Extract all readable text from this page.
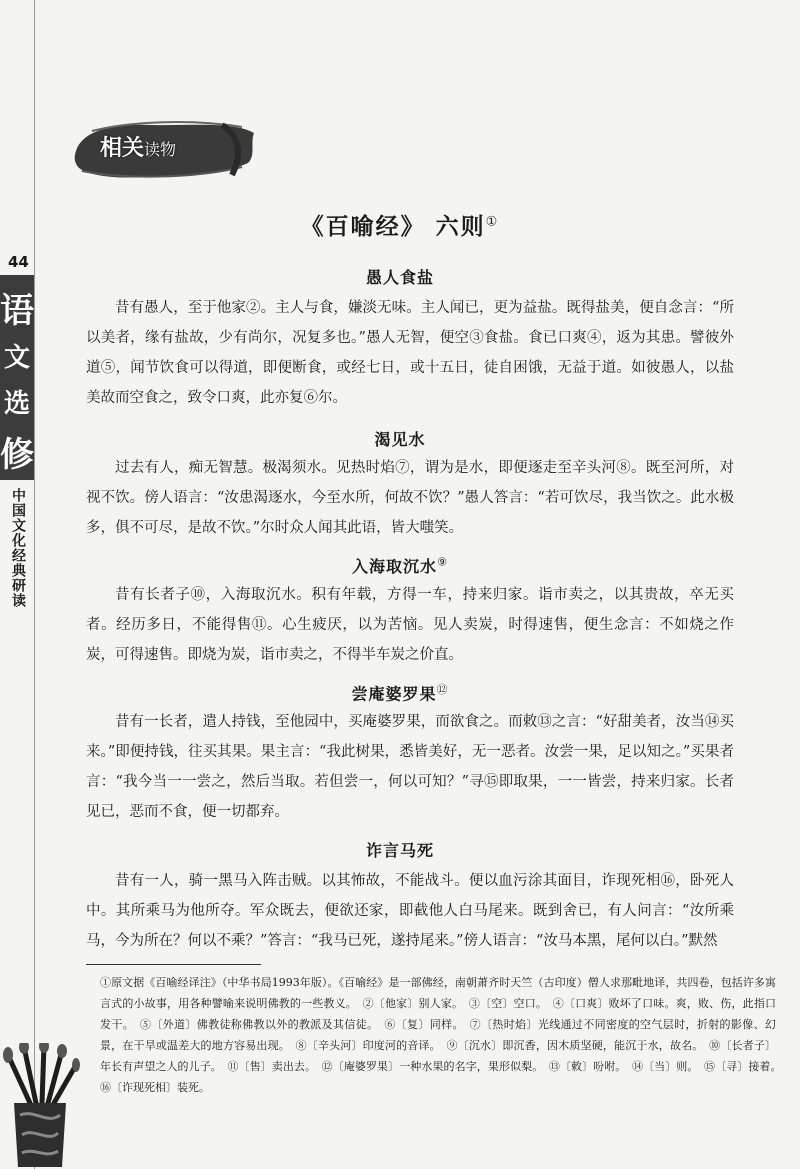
44
语
文
选
修
中国文化经典研读
相关读物
《百喻经》 六则①
愚人食盐

昔有愚人，至于他家②。主人与食，嫌淡无味。主人闻已，更为益盐。既得盐美，便自念言：“所以美者，缘有盐故，少有尚尔，况复多也。”愚人无智，便空③食盐。食已口爽④，返为其患。譬彼外道⑤，闻节饮食可以得道，即便断食，或经七日，或十五日，徒自困饿，无益于道。如彼愚人，以盐美故而空食之，致令口爽，此亦复⑥尔。

渴见水

过去有人，痴无智慧。极渴须水。见热时焰⑦，谓为是水，即便逐走至辛头河⑧。既至河所，对视不饮。傍人语言：“汝患渴逐水，今至水所，何故不饮？”愚人答言：“若可饮尽，我当饮之。此水极多，俱不可尽，是故不饮。”尔时众人闻其此语，皆大嗤笑。

入海取沉水⑨

昔有长者子⑩，入海取沉水。积有年载，方得一车，持来归家。诣市卖之，以其贵故，卒无买者。经历多日，不能得售⑪。心生疲厌，以为苦恼。见人卖炭，时得速售，便生念言：不如烧之作炭，可得速售。即烧为炭，诣市卖之，不得半车炭之价直。

尝庵婆罗果⑫

昔有一长者，遣人持钱，至他园中，买庵婆罗果，而欲食之。而敕⑬之言：“好甜美者，汝当⑭买来。”即便持钱，往买其果。果主言：“我此树果，悉皆美好，无一恶者。汝尝一果，足以知之。”买果者言：“我今当一一尝之，然后当取。若但尝一，何以可知？”寻⑮即取果，一一皆尝，持来归家。长者见已，恶而不食，便一切都弃。

诈言马死

昔有一人，骑一黑马入阵击贼。以其怖故，不能战斗。便以血污涂其面目，诈现死相⑯，卧死人中。其所乘马为他所夺。军众既去，便欲还家，即截他人白马尾来。既到舍已，有人问言：“汝所乘马，今为所在？何以不乘？”答言：“我马已死，遂持尾来。”傍人语言：“汝马本黑，尾何以白。”默然

①原文据《百喻经译注》（中华书局1993年版）。《百喻经》是一部佛经，南朝萧齐时天竺（古印度）僧人求那毗地译，共四卷，包括许多寓言式的小故事，用各种譬喻来说明佛教的一些教义。　②〔他家〕别人家。　③〔空〕空口。　④〔口爽〕败坏了口味。爽，败、伤，此指口发干。　⑤〔外道〕佛教徒称佛教以外的教派及其信徒。　⑥〔复〕同样。　⑦〔热时焰〕光线通过不同密度的空气层时，折射的影像、幻景，在干旱或温差大的地方容易出现。　⑧〔辛头河〕印度河的音译。　⑨〔沉水〕即沉香，因木质坚硬，能沉于水，故名。　⑩〔长者子〕年长有声望之人的儿子。　⑪〔售〕卖出去。　⑫〔庵婆罗果〕一种水果的名字，果形似梨。　⑬〔敕〕吩咐。　⑭〔当〕则。　⑮〔寻〕接着。　⑯〔诈现死相〕装死。
